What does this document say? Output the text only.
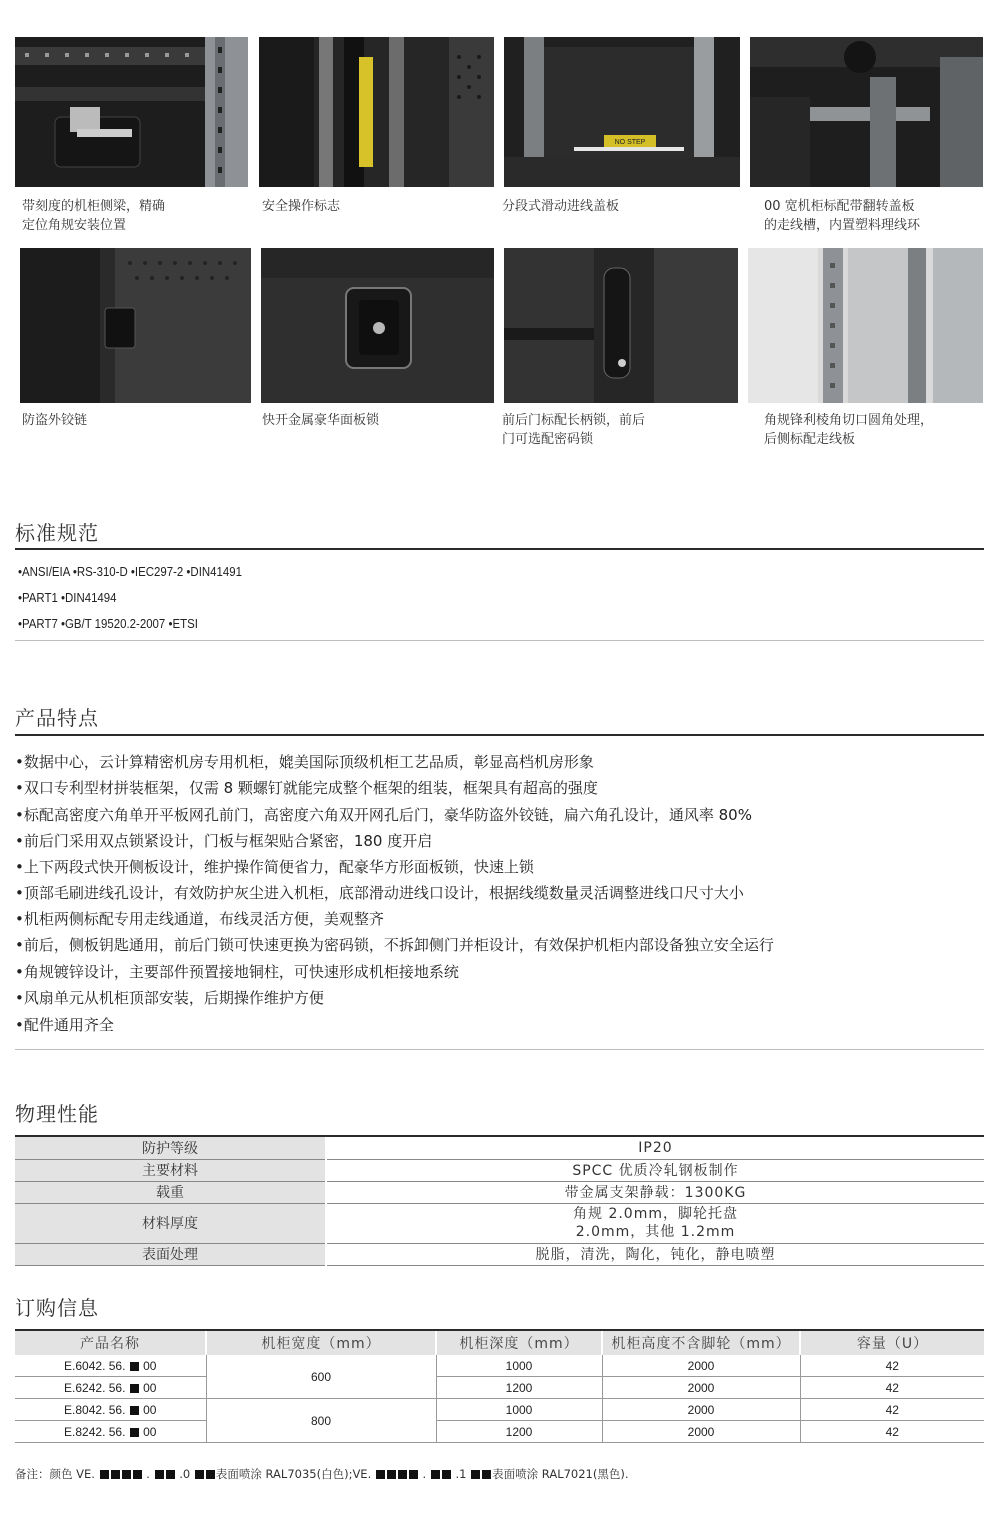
NO STEP
带刻度的机柜侧梁，精确
定位角规安装位置
安全操作标志	分段式滑动进线盖板	00 宽机柜标配带翻转盖板
的走线槽，内置塑料理线环
防盗外铰链	快开金属豪华面板锁	前后门标配长柄锁，前后
门可选配密码锁
角规锋利棱角切口圆角处理，
后侧标配走线板
标准规范
•ANSI/EIA •RS-310-D •IEC297-2 •DIN41491
•PART1 •DIN41494
•PART7 •GB/T 19520.2-2007 •ETSI
产品特点
•数据中心，云计算精密机房专用机柜，媲美国际顶级机柜工艺品质，彰显高档机房形象
•双口专利型材拼装框架，仅需 8 颗螺钉就能完成整个框架的组装，框架具有超高的强度
•标配高密度六角单开平板网孔前门，高密度六角双开网孔后门，豪华防盗外铰链，扁六角孔设计，通风率 80%
•前后门采用双点锁紧设计，门板与框架贴合紧密，180 度开启
•上下两段式快开侧板设计，维护操作简便省力，配豪华方形面板锁，快速上锁
•顶部毛刷进线孔设计，有效防护灰尘进入机柜，底部滑动进线口设计，根据线缆数量灵活调整进线口尺寸大小
•机柜两侧标配专用走线通道，布线灵活方便，美观整齐
•前后，侧板钥匙通用，前后门锁可快速更换为密码锁，不拆卸侧门并柜设计，有效保护机柜内部设备独立安全运行
•角规镀锌设计，主要部件预置接地铜柱，可快速形成机柜接地系统
•风扇单元从机柜顶部安装，后期操作维护方便
•配件通用齐全
物理性能
防护等级	IP20
主要材料	SPCC 优质冷轧钢板制作
载重	带金属支架静载：1300KG
材料厚度	角规 2.0mm，脚轮托盘
2.0mm，其他 1.2mm

表面处理	脱脂，清洗，陶化，钝化，静电喷塑
订购信息
产品名称	机柜宽度（mm）	机柜深度（mm）	机柜高度不含脚轮（mm）	容量（U）
E.6042. 56.  00	600	1000	2000	42
E.6242. 56.  00		1200	2000	42
E.8042. 56.  00	800	1000	2000	42
E.8242. 56.  00		1200	2000	42
备注：颜色 VE.	.  .0 表面喷涂 RAL7035(白色);VE.	.  .1 表面喷涂 RAL7021(黑色).
